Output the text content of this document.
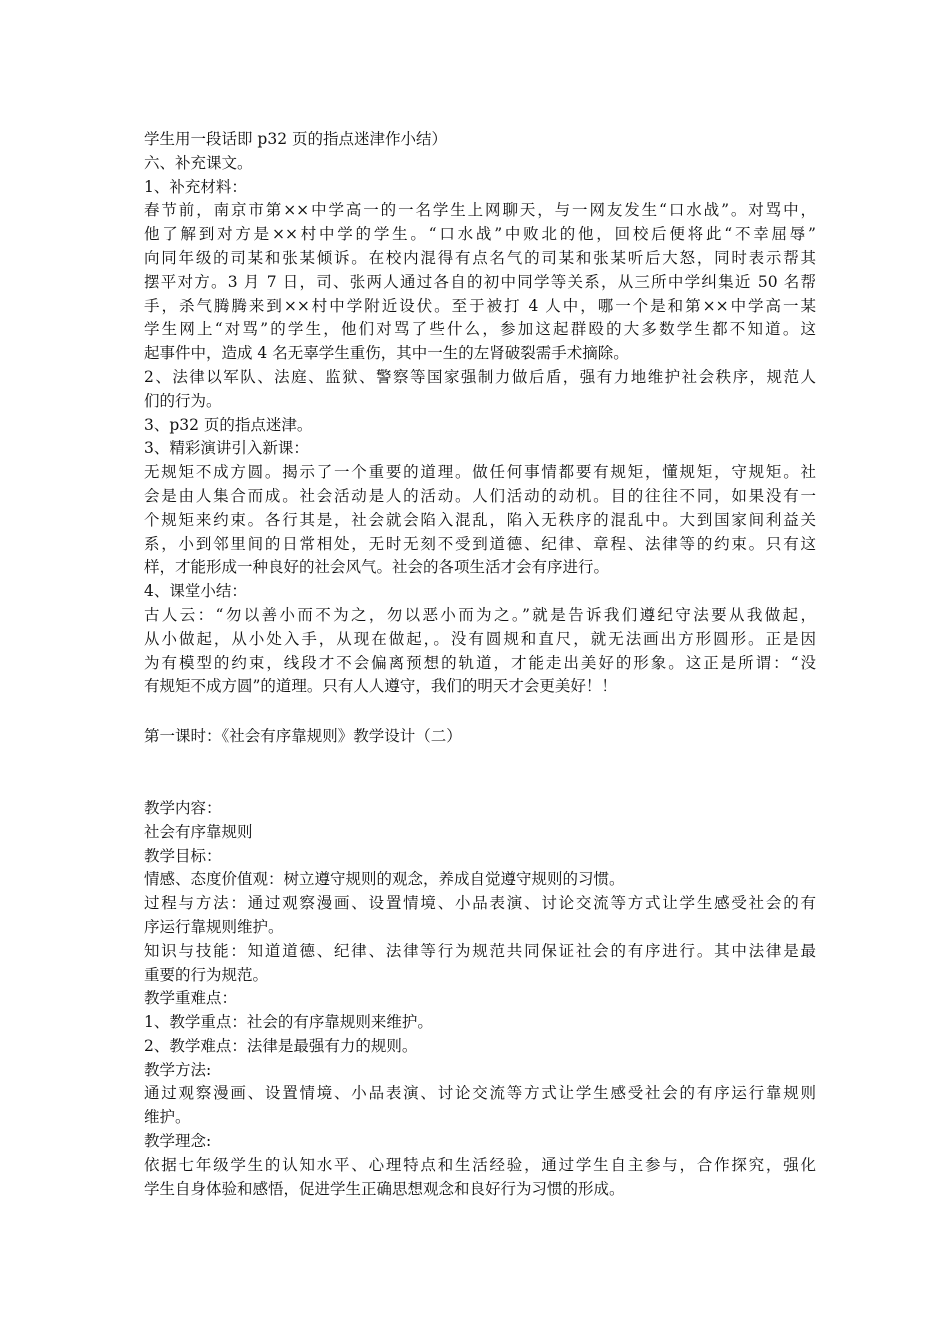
学生用一段话即 p32 页的指点迷津作小结）
六、补充课文。
1、补充材料：
春节前，南京市第××中学高一的一名学生上网聊天，与一网友发生“口水战”。对骂中，
他了解到对方是××村中学的学生。“口水战”中败北的他，回校后便将此“不幸屈辱”
向同年级的司某和张某倾诉。在校内混得有点名气的司某和张某听后大怒，同时表示帮其
摆平对方。3 月 7 日，司、张两人通过各自的初中同学等关系，从三所中学纠集近 50 名帮
手，杀气腾腾来到××村中学附近设伏。至于被打 4 人中，哪一个是和第××中学高一某
学生网上“对骂”的学生，他们对骂了些什么，参加这起群殴的大多数学生都不知道。这
起事件中，造成 4 名无辜学生重伤，其中一生的左肾破裂需手术摘除。
2、法律以军队、法庭、监狱、警察等国家强制力做后盾，强有力地维护社会秩序，规范人
们的行为。
3、p32 页的指点迷津。
3、精彩演讲引入新课：
无规矩不成方圆。揭示了一个重要的道理。做任何事情都要有规矩，懂规矩，守规矩。社
会是由人集合而成。社会活动是人的活动。人们活动的动机。目的往往不同，如果没有一
个规矩来约束。各行其是，社会就会陷入混乱，陷入无秩序的混乱中。大到国家间利益关
系，小到邻里间的日常相处，无时无刻不受到道德、纪律、章程、法律等的约束。只有这
样，才能形成一种良好的社会风气。社会的各项生活才会有序进行。
4、课堂小结：
古人云：“勿以善小而不为之，勿以恶小而为之。”就是告诉我们遵纪守法要从我做起，
从小做起，从小处入手，从现在做起，。没有圆规和直尺，就无法画出方形圆形。正是因
为有模型的约束，线段才不会偏离预想的轨道，才能走出美好的形象。这正是所谓：“没
有规矩不成方圆”的道理。只有人人遵守，我们的明天才会更美好！！
第一课时：《社会有序靠规则》教学设计（二）
教学内容：
社会有序靠规则
教学目标：
情感、态度价值观：树立遵守规则的观念，养成自觉遵守规则的习惯。
过程与方法：通过观察漫画、设置情境、小品表演、讨论交流等方式让学生感受社会的有
序运行靠规则维护。
知识与技能：知道道德、纪律、法律等行为规范共同保证社会的有序进行。其中法律是最
重要的行为规范。
教学重难点：
1、教学重点：社会的有序靠规则来维护。
2、教学难点：法律是最强有力的规则。
教学方法:
通过观察漫画、设置情境、小品表演、讨论交流等方式让学生感受社会的有序运行靠规则
维护。
教学理念:
依据七年级学生的认知水平、心理特点和生活经验，通过学生自主参与，合作探究，强化
学生自身体验和感悟，促进学生正确思想观念和良好行为习惯的形成。
